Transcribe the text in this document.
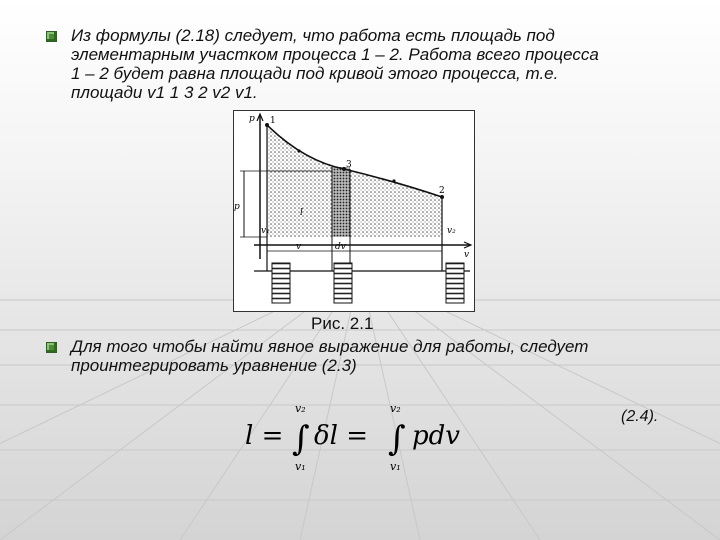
Из формулы (2.18) следует, что работа есть площадь под
элементарным участком процесса 1 – 2. Работа всего процесса
1 – 2 будет равна площади под кривой этого процесса, т.е.
площади v1 1 3 2 v2 v1.

p
v
1
3
2
p
l
v₁	v₂
v	dv
Рис. 2.1

Для того чтобы найти явное выражение для работы, следует
проинтегрировать уравнение (2.3)

l = ∫
v₂
v₁
δl = ∫
v₂
v₁
pdv
(2.4).
